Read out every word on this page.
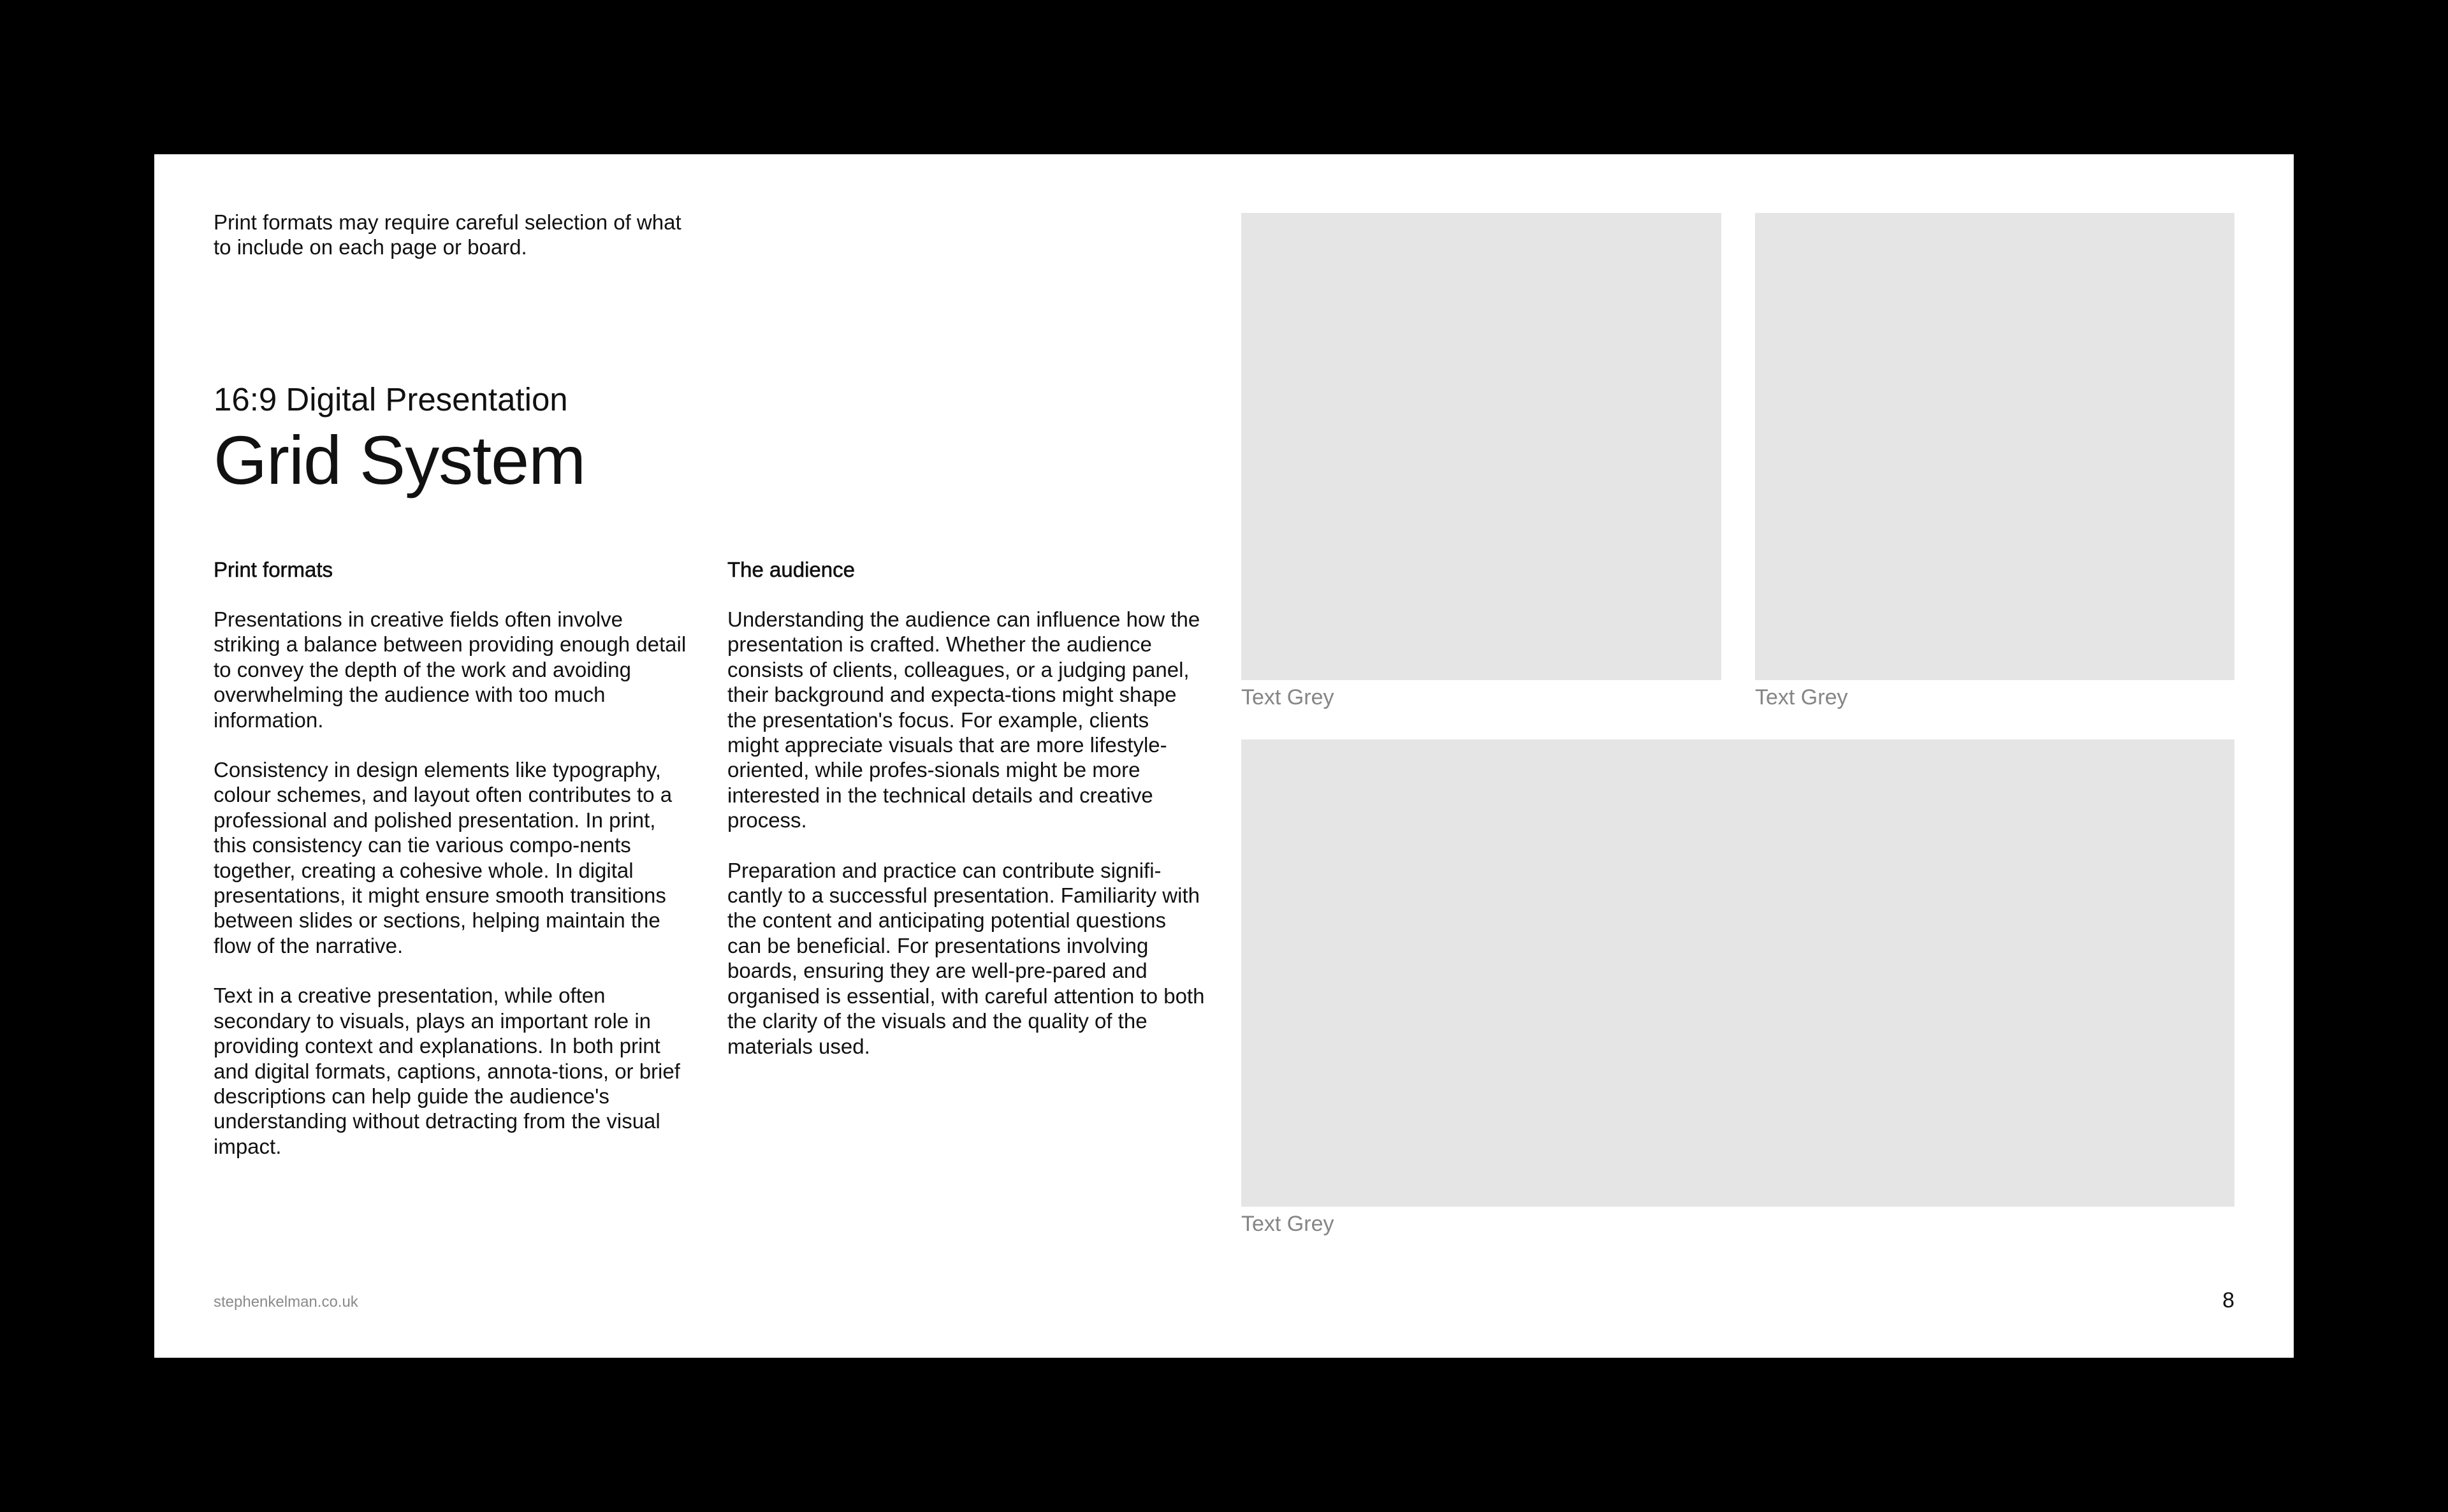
Print formats may require careful selection of what to include on each page or board.
16:9 Digital Presentation
Grid System
Print formats

Presentations in creative fields often involve striking a balance between providing enough detail to convey the depth of the work and avoiding overwhelming the audience with too much information.

Consistency in design elements like typography, colour schemes, and layout often contributes to a professional and polished presentation. In print, this consistency can tie various compo-nents together, creating a cohesive whole. In digital presentations, it might ensure smooth transitions between slides or sections, helping maintain the flow of the narrative.

Text in a creative presentation, while often secondary to visuals, plays an important role in providing context and explanations. In both print and digital formats, captions, annota-tions, or brief descriptions can help guide the audience's understanding without detracting from the visual impact.

The audience

Understanding the audience can influence how the presentation is crafted. Whether the audience consists of clients, colleagues, or a judging panel, their background and expecta-tions might shape the presentation's focus. For example, clients might appreciate visuals that are more lifestyle-oriented, while profes-sionals might be more interested in the technical details and creative process.

Preparation and practice can contribute signifi-cantly to a successful presentation. Familiarity with the content and anticipating potential questions can be beneficial. For presentations involving boards, ensuring they are well-pre-pared and organised is essential, with careful attention to both the clarity of the visuals and the quality of the materials used.

Text Grey	Text Grey
Text Grey
stephenkelman.co.uk	8
